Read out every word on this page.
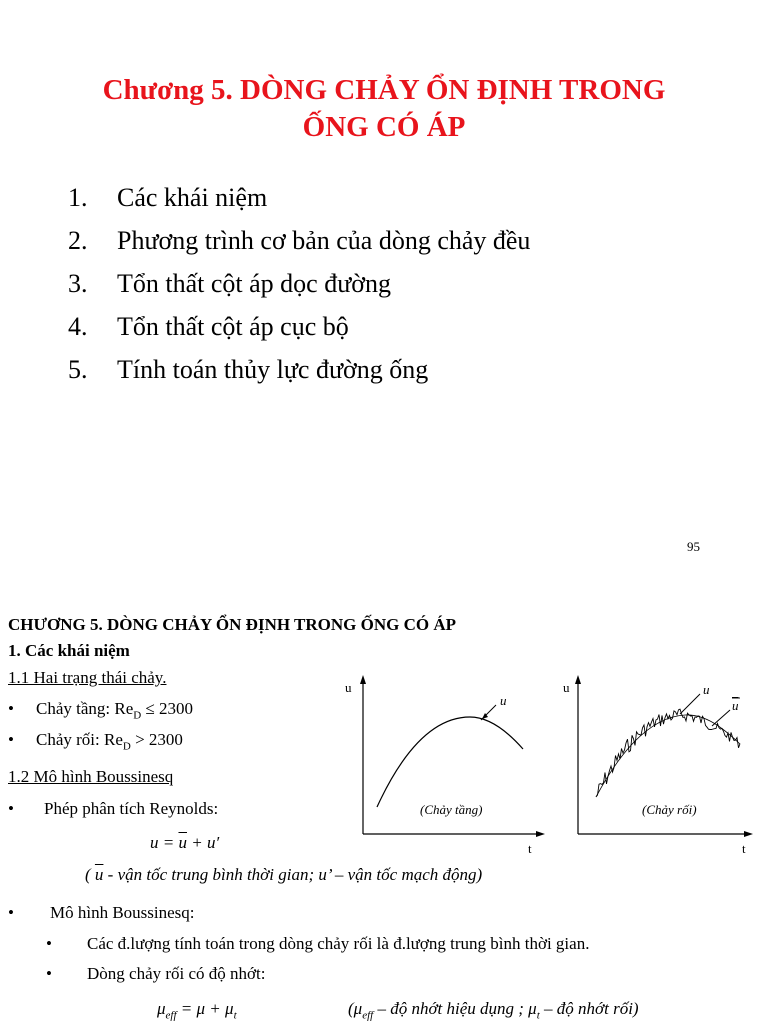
Chương 5. DÒNG CHẢY ỔN ĐỊNH TRONG
ỐNG CÓ ÁP
1. Các khái niệm
2. Phương trình cơ bản của dòng chảy đều
3. Tổn thất cột áp dọc đường
4. Tổn thất cột áp cục bộ
5. Tính toán thủy lực đường ống
95
CHƯƠNG 5. DÒNG CHẢY ỔN ĐỊNH TRONG ỐNG CÓ ÁP
1. Các khái niệm
1.1 Hai trạng thái chảy.
• Chảy tầng: $Re_D \le 2300$
• Chảy rối: $Re_D > 2300$
1.2 Mô hình Boussinesq
• Phép phân tích Reynolds:
$u = \overline{u} + u'$
( $\overline{u}$ - vận tốc trung bình thời gian; u’ – vận tốc mạch động)
• Mô hình Boussinesq:
• Các đ.lượng tính toán trong dòng chảy rối là đ.lượng trung bình thời gian.
• Dòng chảy rối có độ nhớt:
$\mu_{eff} = \mu + \mu_t$	($\mu_{eff}$ – độ nhớt hiệu dụng ; $\mu_t$ – độ nhớt rối)
u
t
u
(Chảy tầng)
u
t
u
u
(Chảy rối)
